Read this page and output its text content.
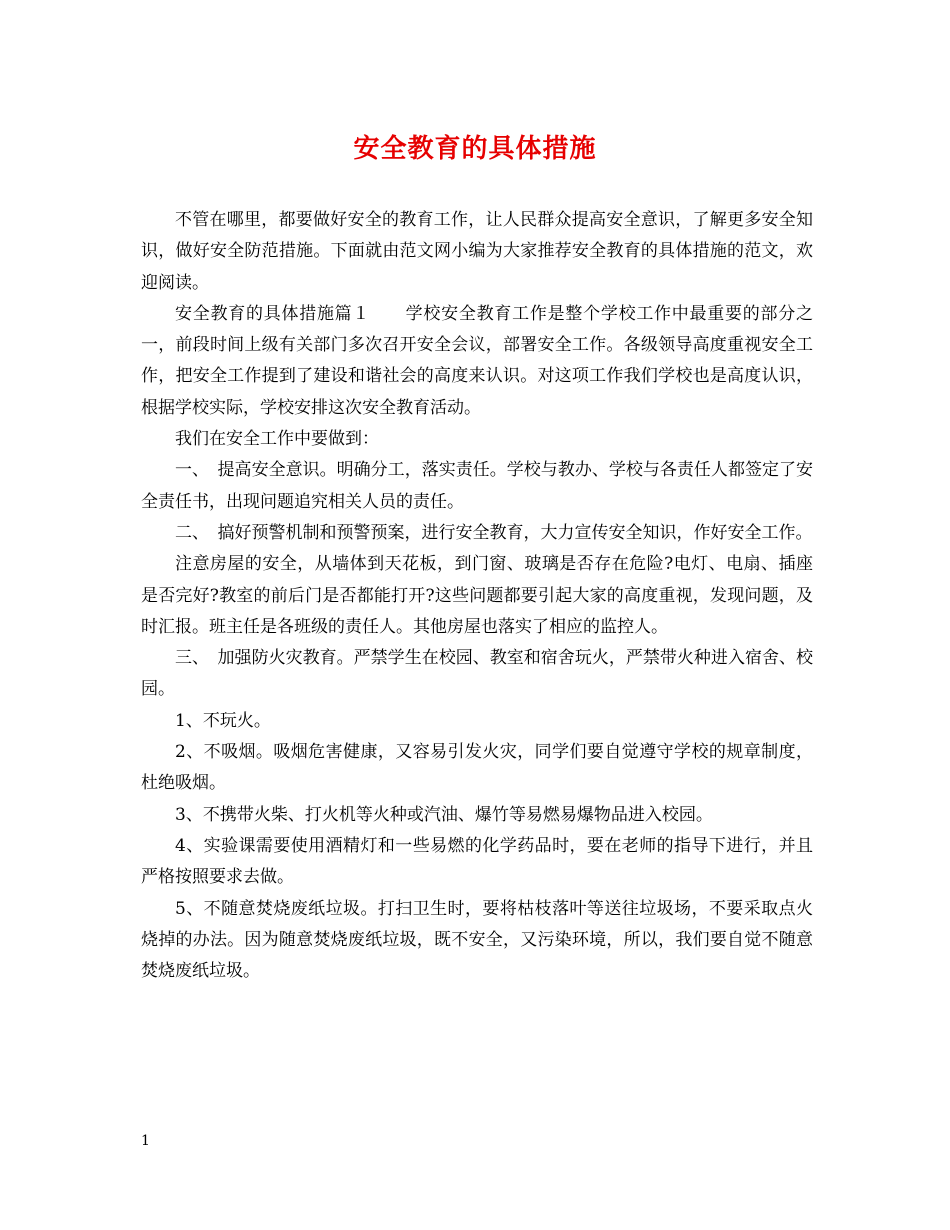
安全教育的具体措施

不管在哪里，都要做好安全的教育工作，让人民群众提高安全意识，了解更多安全知识，做好安全防范措施。下面就由范文网小编为大家推荐安全教育的具体措施的范文，欢迎阅读。

安全教育的具体措施篇１　　学校安全教育工作是整个学校工作中最重要的部分之一，前段时间上级有关部门多次召开安全会议，部署安全工作。各级领导高度重视安全工作，把安全工作提到了建设和谐社会的高度来认识。对这项工作我们学校也是高度认识，根据学校实际，学校安排这次安全教育活动。

我们在安全工作中要做到：

一、　提高安全意识。明确分工，落实责任。学校与教办、学校与各责任人都签定了安全责任书，出现问题追究相关人员的责任。

二、　搞好预警机制和预警预案，进行安全教育，大力宣传安全知识，作好安全工作。

注意房屋的安全，从墙体到天花板，到门窗、玻璃是否存在危险?电灯、电扇、插座是否完好?教室的前后门是否都能打开?这些问题都要引起大家的高度重视，发现问题，及时汇报。班主任是各班级的责任人。其他房屋也落实了相应的监控人。

三、　加强防火灾教育。严禁学生在校园、教室和宿舍玩火，严禁带火种进入宿舍、校园。

1、不玩火。

2、不吸烟。吸烟危害健康，又容易引发火灾，同学们要自觉遵守学校的规章制度，杜绝吸烟。

3、不携带火柴、打火机等火种或汽油、爆竹等易燃易爆物品进入校园。

4、实验课需要使用酒精灯和一些易燃的化学药品时，要在老师的指导下进行，并且严格按照要求去做。

5、不随意焚烧废纸垃圾。打扫卫生时，要将枯枝落叶等送往垃圾场，不要采取点火烧掉的办法。因为随意焚烧废纸垃圾，既不安全，又污染环境，所以，我们要自觉不随意焚烧废纸垃圾。

1
